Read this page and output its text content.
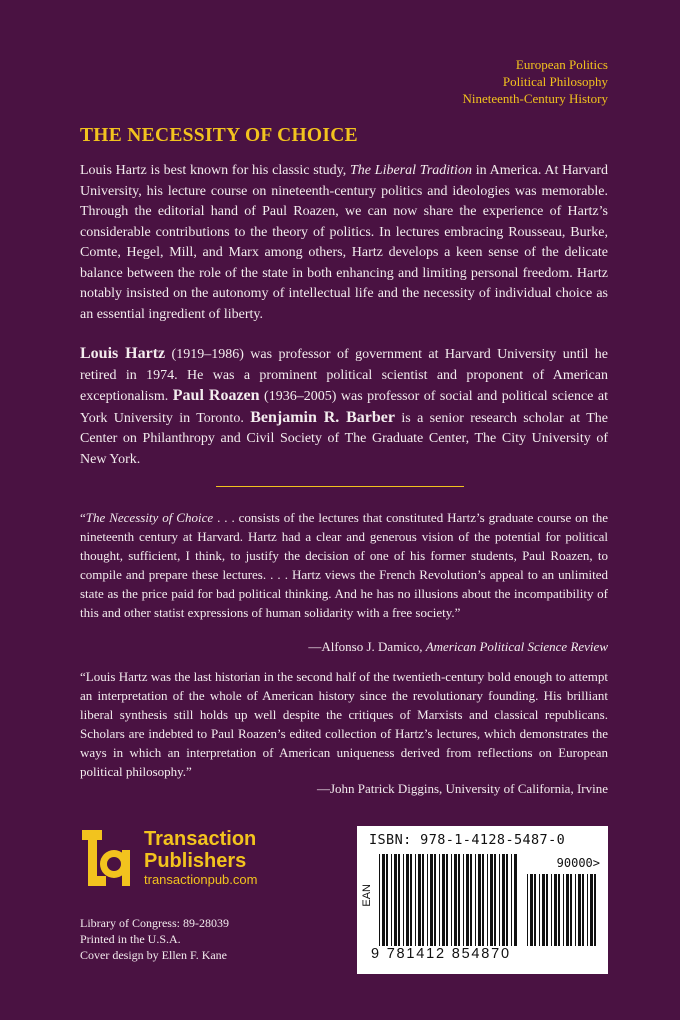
European Politics
Political Philosophy
Nineteenth-Century History
THE NECESSITY OF CHOICE

Louis Hartz is best known for his classic study, The Liberal Tradition in America. At Harvard University, his lecture course on nineteenth-century politics and ideologies was memorable. Through the editorial hand of Paul Roazen, we can now share the experience of Hartz’s considerable contributions to the theory of politics. In lectures embracing Rousseau, Burke, Comte, Hegel, Mill, and Marx among others, Hartz develops a keen sense of the delicate balance between the role of the state in both enhancing and limiting personal freedom. Hartz notably insisted on the autonomy of intellectual life and the necessity of individual choice as an essential ingredient of liberty.

Louis Hartz (1919–1986) was professor of government at Harvard University until he retired in 1974. He was a prominent political scientist and proponent of American exceptionalism. Paul Roazen (1936–2005) was professor of social and political science at York University in Toronto. Benjamin R. Barber is a senior research scholar at The Center on Philanthropy and Civil Society of The Graduate Center, The City University of New York.

“The Necessity of Choice . . . consists of the lectures that constituted Hartz’s graduate course on the nineteenth century at Harvard. Hartz had a clear and generous vision of the potential for political thought, sufficient, I think, to justify the decision of one of his former students, Paul Roazen, to compile and prepare these lectures. . . . Hartz views the French Revolution’s appeal to an unlimited state as the price paid for bad political thinking. And he has no illusions about the incompatibility of this and other statist expressions of human solidarity with a free society.”

—Alfonso J. Damico, American Political Science Review

“Louis Hartz was the last historian in the second half of the twentieth-century bold enough to attempt an interpretation of the whole of American history since the revolutionary founding. His brilliant liberal synthesis still holds up well despite the critiques of Marxists and classical republicans. Scholars are indebted to Paul Roazen’s edited collection of Hartz’s lectures, which demonstrates the ways in which an interpretation of American uniqueness derived from reflections on European political philosophy.”

—John Patrick Diggins, University of California, Irvine
Transaction
Publishers
transactionpub.com
Library of Congress: 89-28039
Printed in the U.S.A.
Cover design by Ellen F. Kane
ISBN: 978-1-4128-5487-0
90000>
EAN
9 781412 854870
